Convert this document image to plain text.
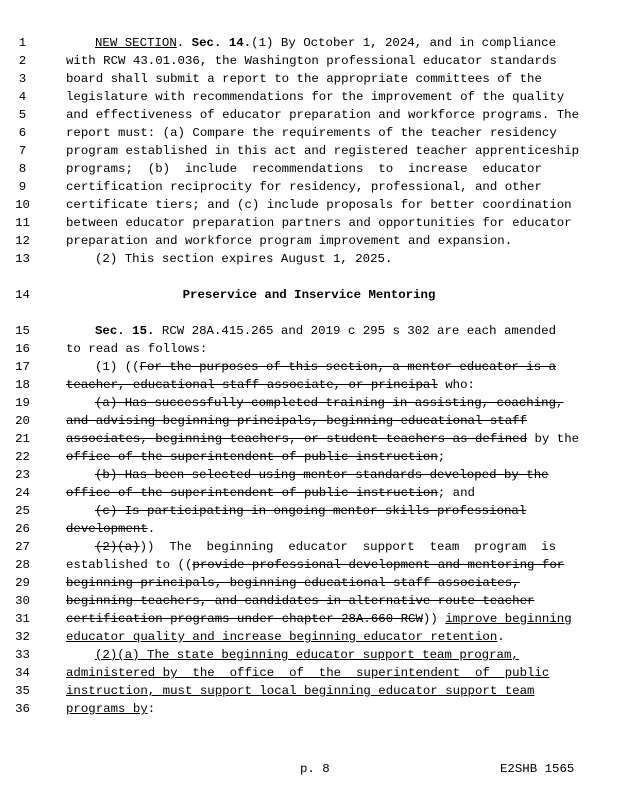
1	NEW SECTION. Sec. 14.(1) By October 1, 2024, and in compliance
2	with RCW 43.01.036, the Washington professional educator standards
3	board shall submit a report to the appropriate committees of the
4	legislature with recommendations for the improvement of the quality
5	and effectiveness of educator preparation and workforce programs. The
6	report must: (a) Compare the requirements of the teacher residency
7	program established in this act and registered teacher apprenticeship
8	programs;  (b)  include  recommendations  to  increase  educator
9	certification reciprocity for residency, professional, and other
10	certificate tiers; and (c) include proposals for better coordination
11	between educator preparation partners and opportunities for educator
12	preparation and workforce program improvement and expansion.
13	(2) This section expires August 1, 2025.
15	Sec. 15. RCW 28A.415.265 and 2019 c 295 s 302 are each amended
16	to read as follows:
17	(1) ((For the purposes of this section, a mentor educator is a
18	teacher, educational staff associate, or principal who:
19	(a) Has successfully completed training in assisting, coaching,
20	and advising beginning principals, beginning educational staff
21	associates, beginning teachers, or student teachers as defined by the
22	office of the superintendent of public instruction;
23	(b) Has been selected using mentor standards developed by the
24	office of the superintendent of public instruction; and
25	(c) Is participating in ongoing mentor skills professional
26	development.
27	(2)(a)))  The  beginning  educator  support  team  program  is
28	established to ((provide professional development and mentoring for
29	beginning principals, beginning educational staff associates,
30	beginning teachers, and candidates in alternative route teacher
31	certification programs under chapter 28A.660 RCW)) improve beginning
32	educator quality and increase beginning educator retention.
33	(2)(a) The state beginning educator support team program,
34	administered by  the  office  of  the  superintendent  of  public
35	instruction, must support local beginning educator support team
36	programs by:
14	Preservice and Inservice Mentoring
p. 8	E2SHB 1565
